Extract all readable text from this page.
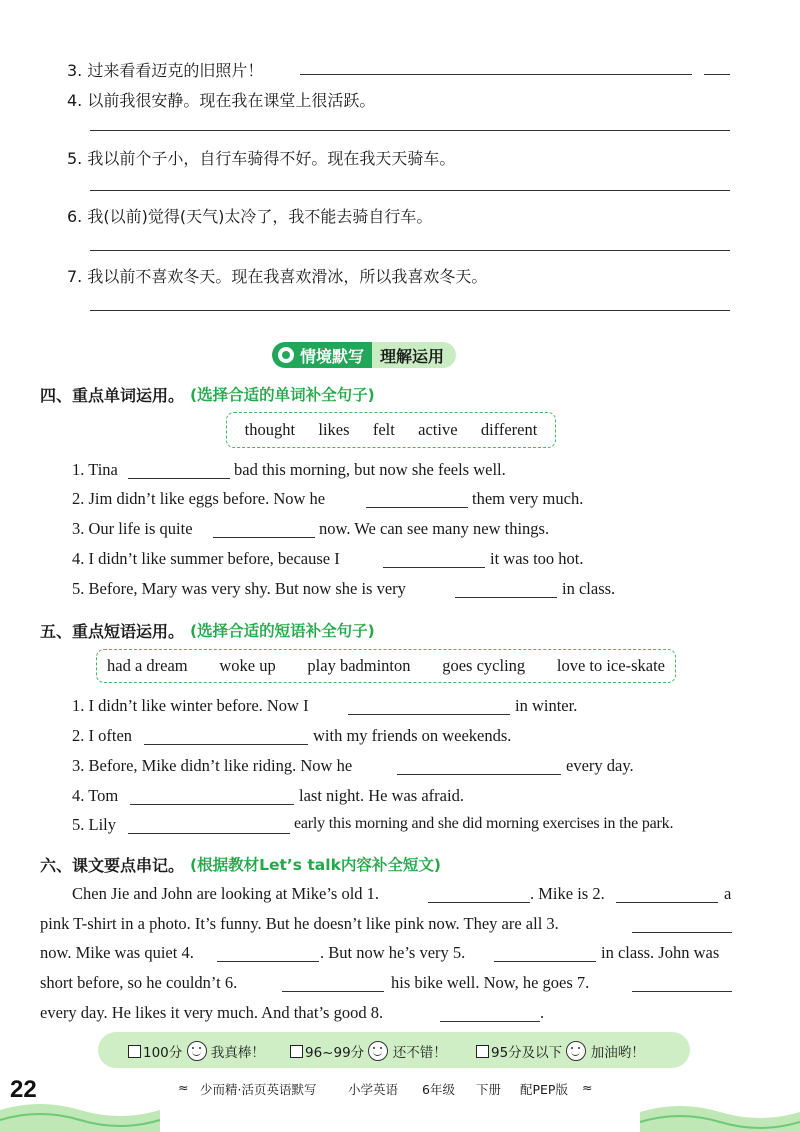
3. 过来看看迈克的旧照片！
4. 以前我很安静。现在我在课堂上很活跃。
5. 我以前个子小，自行车骑得不好。现在我天天骑车。
6. 我(以前)觉得(天气)太冷了，我不能去骑自行车。
7. 我以前不喜欢冬天。现在我喜欢滑冰，所以我喜欢冬天。
情境默写 理解运用
四、重点单词运用。 (选择合适的单词补全句子)
thought likes felt active different
1. Tina	bad this morning, but now she feels well.
2. Jim didn’t like eggs before. Now he	them very much.
3. Our life is quite	now. We can see many new things.
4. I didn’t like summer before, because I	it was too hot.
5. Before, Mary was very shy. But now she is very	in class.
五、重点短语运用。 (选择合适的短语补全句子)
had a dream woke up play badminton goes cycling love to ice-skate
1. I didn’t like winter before. Now I	in winter.
2. I often	with my friends on weekends.
3. Before, Mike didn’t like riding. Now he	every day.
4. Tom	last night. He was afraid.
5. Lily	early this morning and she did morning exercises in the park.
六、课文要点串记。 (根据教材Let’s talk内容补全短文)
Chen Jie and John are looking at Mike’s old 1.	. Mike is 2.	a
pink T-shirt in a photo. It’s funny. But he doesn’t like pink now. They are all 3.
now. Mike was quiet 4.	. But now he’s very 5.	in class. John was
short before, so he couldn’t 6.	his bike well. Now, he goes 7.
every day. He likes it very much. And that’s good 8.	.
100分 我真棒！	96~99分 还不错！	95分及以下 加油哟！
22	≈ 少而精·活页英语默写	小学英语 6年级 下册 配PEP版 ≈
